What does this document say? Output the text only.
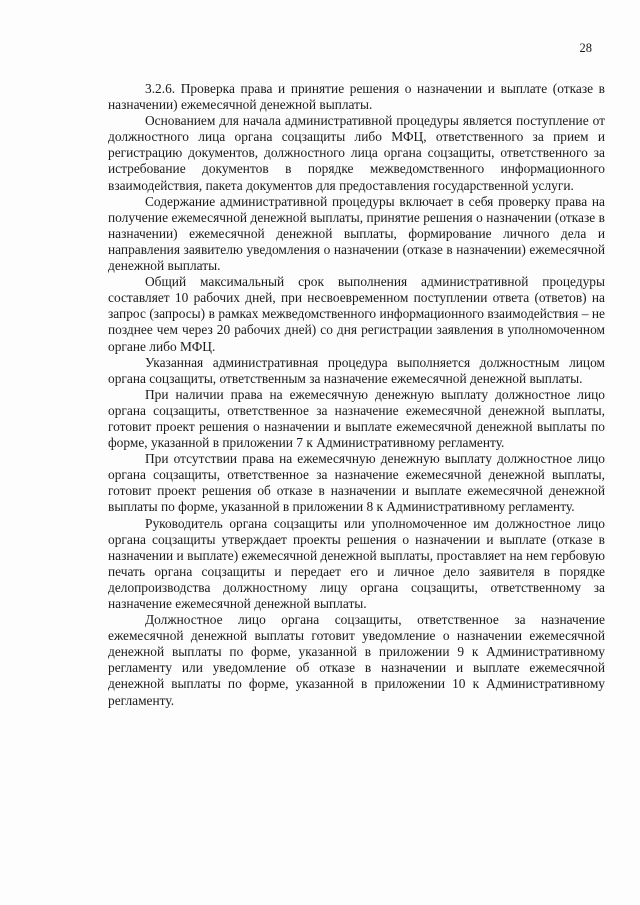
28

3.2.6. Проверка права и принятие решения о назначении и выплате (отказе в назначении) ежемесячной денежной выплаты.

Основанием для начала административной процедуры является поступление от должностного лица органа соцзащиты либо МФЦ, ответственного за прием и регистрацию документов, должностного лица органа соцзащиты, ответственного за истребование документов в порядке межведомственного информационного взаимодействия, пакета документов для предоставления государственной услуги.

Содержание административной процедуры включает в себя проверку права на получение ежемесячной денежной выплаты, принятие решения о назначении (отказе в назначении) ежемесячной денежной выплаты, формирование личного дела и направления заявителю уведомления о назначении (отказе в назначении) ежемесячной денежной выплаты.

Общий максимальный срок выполнения административной процедуры составляет 10 рабочих дней, при несвоевременном поступлении ответа (ответов) на запрос (запросы) в рамках межведомственного информационного взаимодействия – не позднее чем через 20 рабочих дней) со дня регистрации заявления в уполномоченном органе либо МФЦ.

Указанная административная процедура выполняется должностным лицом органа соцзащиты, ответственным за назначение ежемесячной денежной выплаты.

При наличии права на ежемесячную денежную выплату должностное лицо органа соцзащиты, ответственное за назначение ежемесячной денежной выплаты, готовит проект решения о назначении и выплате ежемесячной денежной выплаты по форме, указанной в приложении 7 к Административному регламенту.

При отсутствии права на ежемесячную денежную выплату должностное лицо органа соцзащиты, ответственное за назначение ежемесячной денежной выплаты, готовит проект решения об отказе в назначении и выплате ежемесячной денежной выплаты по форме, указанной в приложении 8 к Административному регламенту.

Руководитель органа соцзащиты или уполномоченное им должностное лицо органа соцзащиты утверждает проекты решения о назначении и выплате (отказе в назначении и выплате) ежемесячной денежной выплаты, проставляет на нем гербовую печать органа соцзащиты и передает его и личное дело заявителя в порядке делопроизводства должностному лицу органа соцзащиты, ответственному за назначение ежемесячной денежной выплаты.

Должностное лицо органа соцзащиты, ответственное за назначение ежемесячной денежной выплаты готовит уведомление о назначении ежемесячной денежной выплаты по форме, указанной в приложении 9 к Административному регламенту или уведомление об отказе в назначении и выплате ежемесячной денежной выплаты по форме, указанной в приложении 10 к Административному регламенту.
